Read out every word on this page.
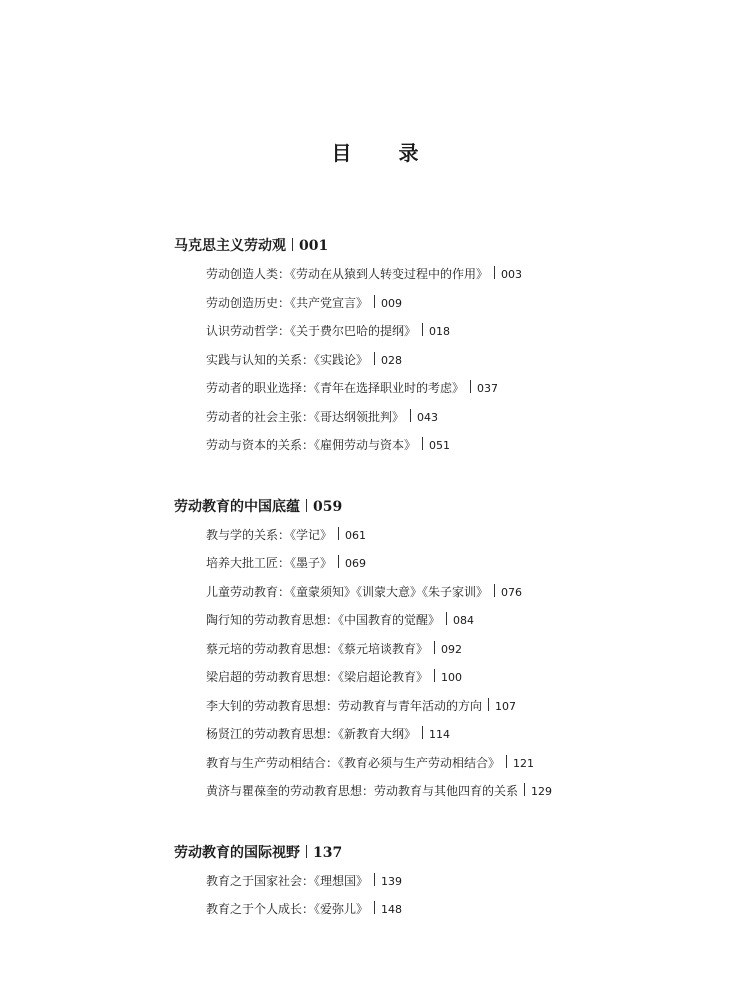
目 录
马克思主义劳动观 001
劳动创造人类：《劳动在从猿到人转变过程中的作用》 003
劳动创造历史：《共产党宣言》 009
认识劳动哲学：《关于费尔巴哈的提纲》 018
实践与认知的关系：《实践论》 028
劳动者的职业选择：《青年在选择职业时的考虑》 037
劳动者的社会主张：《哥达纲领批判》 043
劳动与资本的关系：《雇佣劳动与资本》 051
劳动教育的中国底蕴 059
教与学的关系：《学记》 061
培养大批工匠：《墨子》 069
儿童劳动教育：《童蒙须知》《训蒙大意》《朱子家训》 076
陶行知的劳动教育思想：《中国教育的觉醒》 084
蔡元培的劳动教育思想：《蔡元培谈教育》 092
梁启超的劳动教育思想：《梁启超论教育》 100
李大钊的劳动教育思想：劳动教育与青年活动的方向 107
杨贤江的劳动教育思想：《新教育大纲》 114
教育与生产劳动相结合：《教育必须与生产劳动相结合》 121
黄济与瞿葆奎的劳动教育思想：劳动教育与其他四育的关系 129
劳动教育的国际视野 137
教育之于国家社会：《理想国》 139
教育之于个人成长：《爱弥儿》 148
